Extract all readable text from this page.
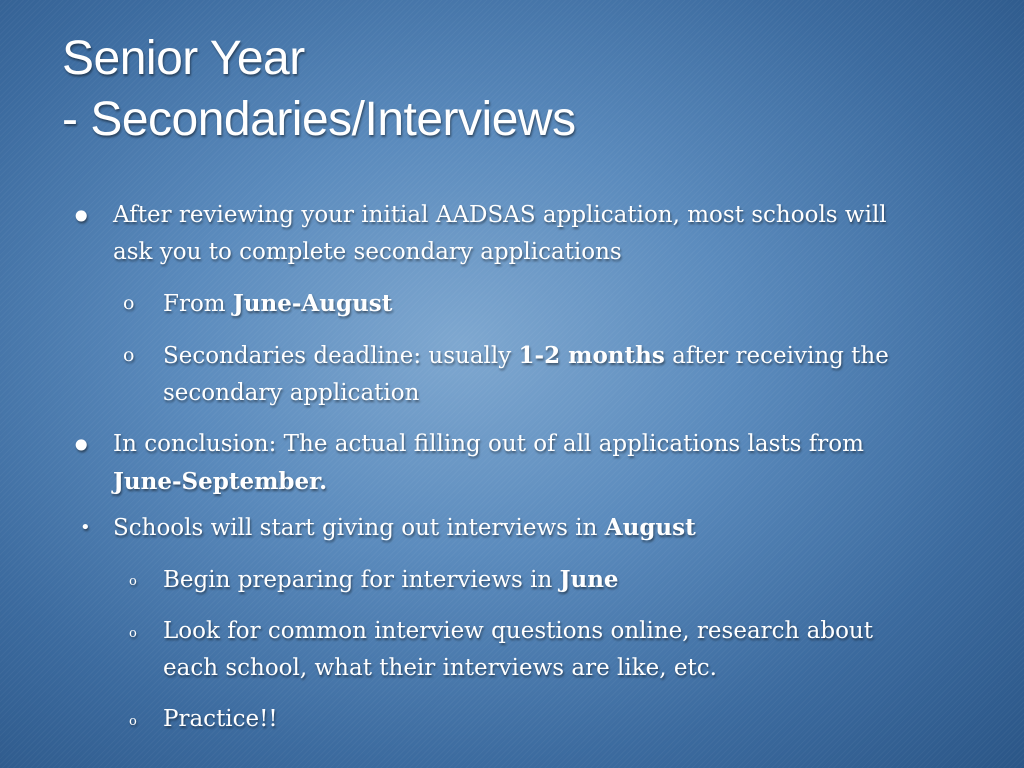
Senior Year
- Secondaries/Interviews
• After reviewing your initial AADSAS application, most schools will
ask you to complete secondary applications
o From June-August
o Secondaries deadline: usually 1-2 months after receiving the
secondary application
• In conclusion: The actual filling out of all applications lasts from
June-September.
• Schools will start giving out interviews in August
o Begin preparing for interviews in June
o Look for common interview questions online, research about
each school, what their interviews are like, etc.
o Practice!!
